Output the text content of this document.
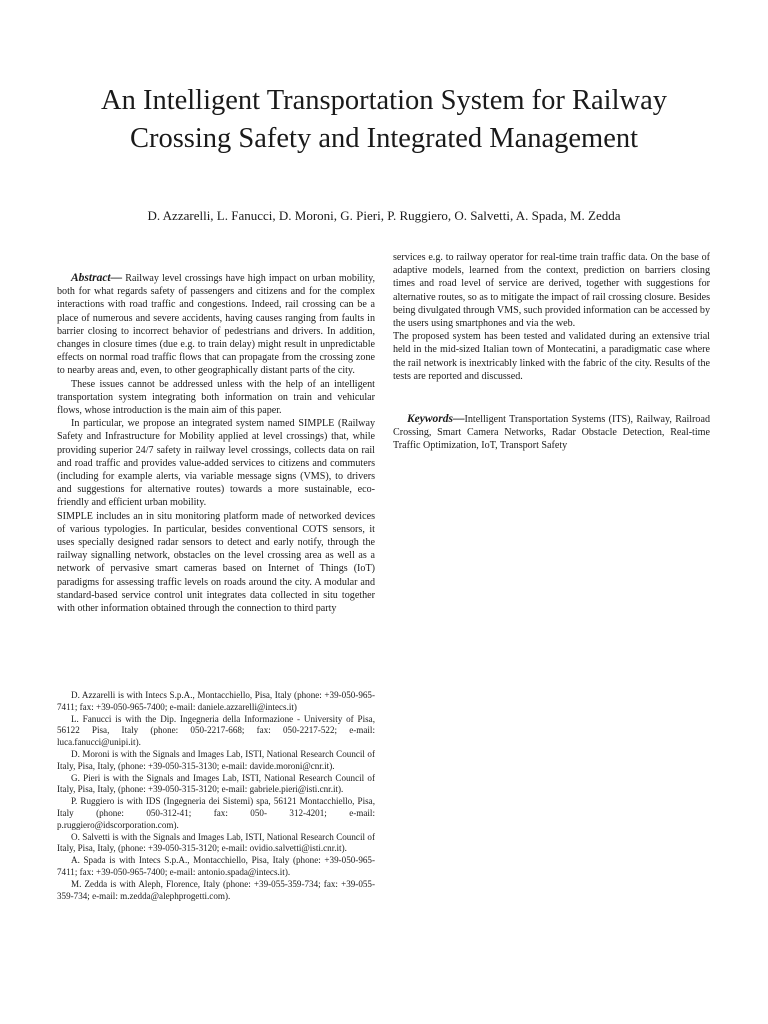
An Intelligent Transportation System for Railway Crossing Safety and Integrated Management
D. Azzarelli, L. Fanucci, D. Moroni, G. Pieri, P. Ruggiero, O. Salvetti, A. Spada, M. Zedda

Abstract— Railway level crossings have high impact on urban mobility, both for what regards safety of passengers and citizens and for the complex interactions with road traffic and congestions. Indeed, rail crossing can be a place of numerous and severe accidents, having causes ranging from faults in barrier closing to incorrect behavior of pedestrians and drivers. In addition, changes in closure times (due e.g. to train delay) might result in unpredictable effects on normal road traffic flows that can propagate from the crossing zone to nearby areas and, even, to other geographically distant parts of the city.

These issues cannot be addressed unless with the help of an intelligent transportation system integrating both information on train and vehicular flows, whose introduction is the main aim of this paper.

In particular, we propose an integrated system named SIMPLE (Railway Safety and Infrastructure for Mobility applied at level crossings) that, while providing superior 24/7 safety in railway level crossings, collects data on rail and road traffic and provides value-added services to citizens and commuters (including for example alerts, via variable message signs (VMS), to drivers and suggestions for alternative routes) towards a more sustainable, eco-friendly and efficient urban mobility.

SIMPLE includes an in situ monitoring platform made of networked devices of various typologies. In particular, besides conventional COTS sensors, it uses specially designed radar sensors to detect and early notify, through the railway signalling network, obstacles on the level crossing area as well as a network of pervasive smart cameras based on Internet of Things (IoT) paradigms for assessing traffic levels on roads around the city. A modular and standard-based service control unit integrates data collected in situ together with other information obtained through the connection to third party

services e.g. to railway operator for real-time train traffic data. On the base of adaptive models, learned from the context, prediction on barriers closing times and road level of service are derived, together with suggestions for alternative routes, so as to mitigate the impact of rail crossing closure. Besides being divulgated through VMS, such provided information can be accessed by the users using smartphones and via the web.

The proposed system has been tested and validated during an extensive trial held in the mid-sized Italian town of Montecatini, a paradigmatic case where the rail network is inextricably linked with the fabric of the city. Results of the tests are reported and discussed.

Keywords—Intelligent Transportation Systems (ITS), Railway, Railroad Crossing, Smart Camera Networks, Radar Obstacle Detection, Real-time Traffic Optimization, IoT, Transport Safety

D. Azzarelli is with Intecs S.p.A., Montacchiello, Pisa, Italy (phone: +39-050-965-7411; fax: +39-050-965-7400; e-mail: daniele.azzarelli@intecs.it)

L. Fanucci is with the Dip. Ingegneria della Informazione - University of Pisa, 56122 Pisa, Italy (phone: 050-2217-668; fax: 050-2217-522; e-mail: luca.fanucci@unipi.it).

D. Moroni is with the Signals and Images Lab, ISTI, National Research Council of Italy, Pisa, Italy, (phone: +39-050-315-3130; e-mail: davide.moroni@cnr.it).

G. Pieri is with the Signals and Images Lab, ISTI, National Research Council of Italy, Pisa, Italy, (phone: +39-050-315-3120; e-mail: gabriele.pieri@isti.cnr.it).

P. Ruggiero is with IDS (Ingegneria dei Sistemi) spa, 56121 Montacchiello, Pisa, Italy (phone: 050-312-41; fax: 050- 312-4201; e-mail: p.ruggiero@idscorporation.com).

O. Salvetti is with the Signals and Images Lab, ISTI, National Research Council of Italy, Pisa, Italy, (phone: +39-050-315-3120; e-mail: ovidio.salvetti@isti.cnr.it).

A. Spada is with Intecs S.p.A., Montacchiello, Pisa, Italy (phone: +39-050-965-7411; fax: +39-050-965-7400; e-mail: antonio.spada@intecs.it).

M. Zedda is with Aleph, Florence, Italy (phone: +39-055-359-734; fax: +39-055-359-734; e-mail: m.zedda@alephprogetti.com).
